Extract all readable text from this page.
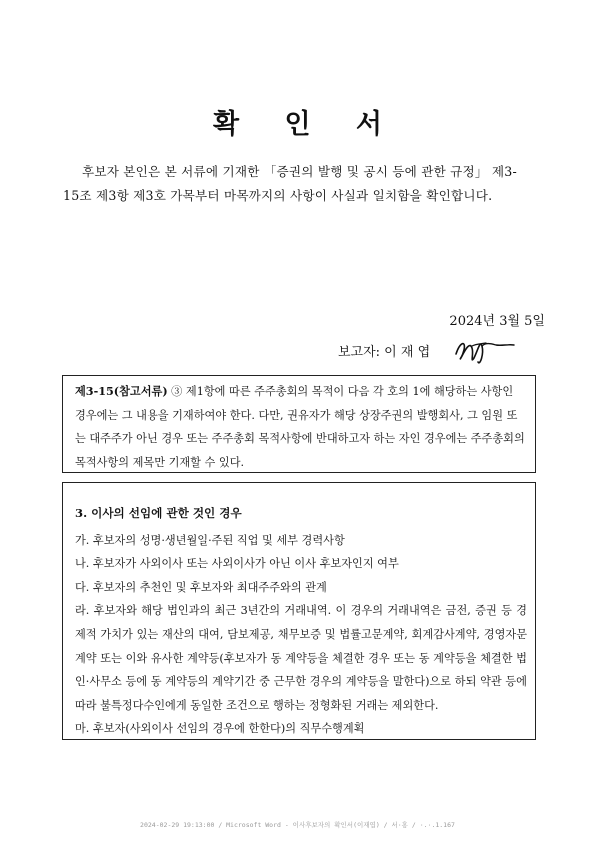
확 인 서
후보자 본인은 본 서류에 기재한 「증권의 발행 및 공시 등에 관한 규정」 제3-15조 제3항 제3호 가목부터 마목까지의 사항이 사실과 일치함을 확인합니다.
2024년 3월 5일
보고자: 이 재 엽
제3-15(참고서류) ③ 제1항에 따른 주주총회의 목적이 다음 각 호의 1에 해당하는 사항인 경우에는 그 내용을 기재하여야 한다. 다만, 권유자가 해당 상장주권의 발행회사, 그 임원 또는 대주주가 아닌 경우 또는 주주총회 목적사항에 반대하고자 하는 자인 경우에는 주주총회의 목적사항의 제목만 기재할 수 있다.
3. 이사의 선임에 관한 것인 경우
가. 후보자의 성명·생년월일·주된 직업 및 세부 경력사항
나. 후보자가 사외이사 또는 사외이사가 아닌 이사 후보자인지 여부
다. 후보자의 추천인 및 후보자와 최대주주와의 관계
라. 후보자와 해당 법인과의 최근 3년간의 거래내역. 이 경우의 거래내역은 금전, 증권 등 경제적 가치가 있는 재산의 대여, 담보제공, 채무보증 및 법률고문계약, 회계감사계약, 경영자문계약 또는 이와 유사한 계약등(후보자가 동 계약등을 체결한 경우 또는 동 계약등을 체결한 법인·사무소 등에 동 계약등의 계약기간 중 근무한 경우의 계약등을 말한다)으로 하되 약관 등에 따라 불특정다수인에게 동일한 조건으로 행하는 정형화된 거래는 제외한다.
마. 후보자(사외이사 선임의 경우에 한한다)의 직무수행계획
2024-02-29 19:13:00 / Microsoft Word - 이사후보자의 확인서(이재엽) / 서·홍 / ·.·.1.167
